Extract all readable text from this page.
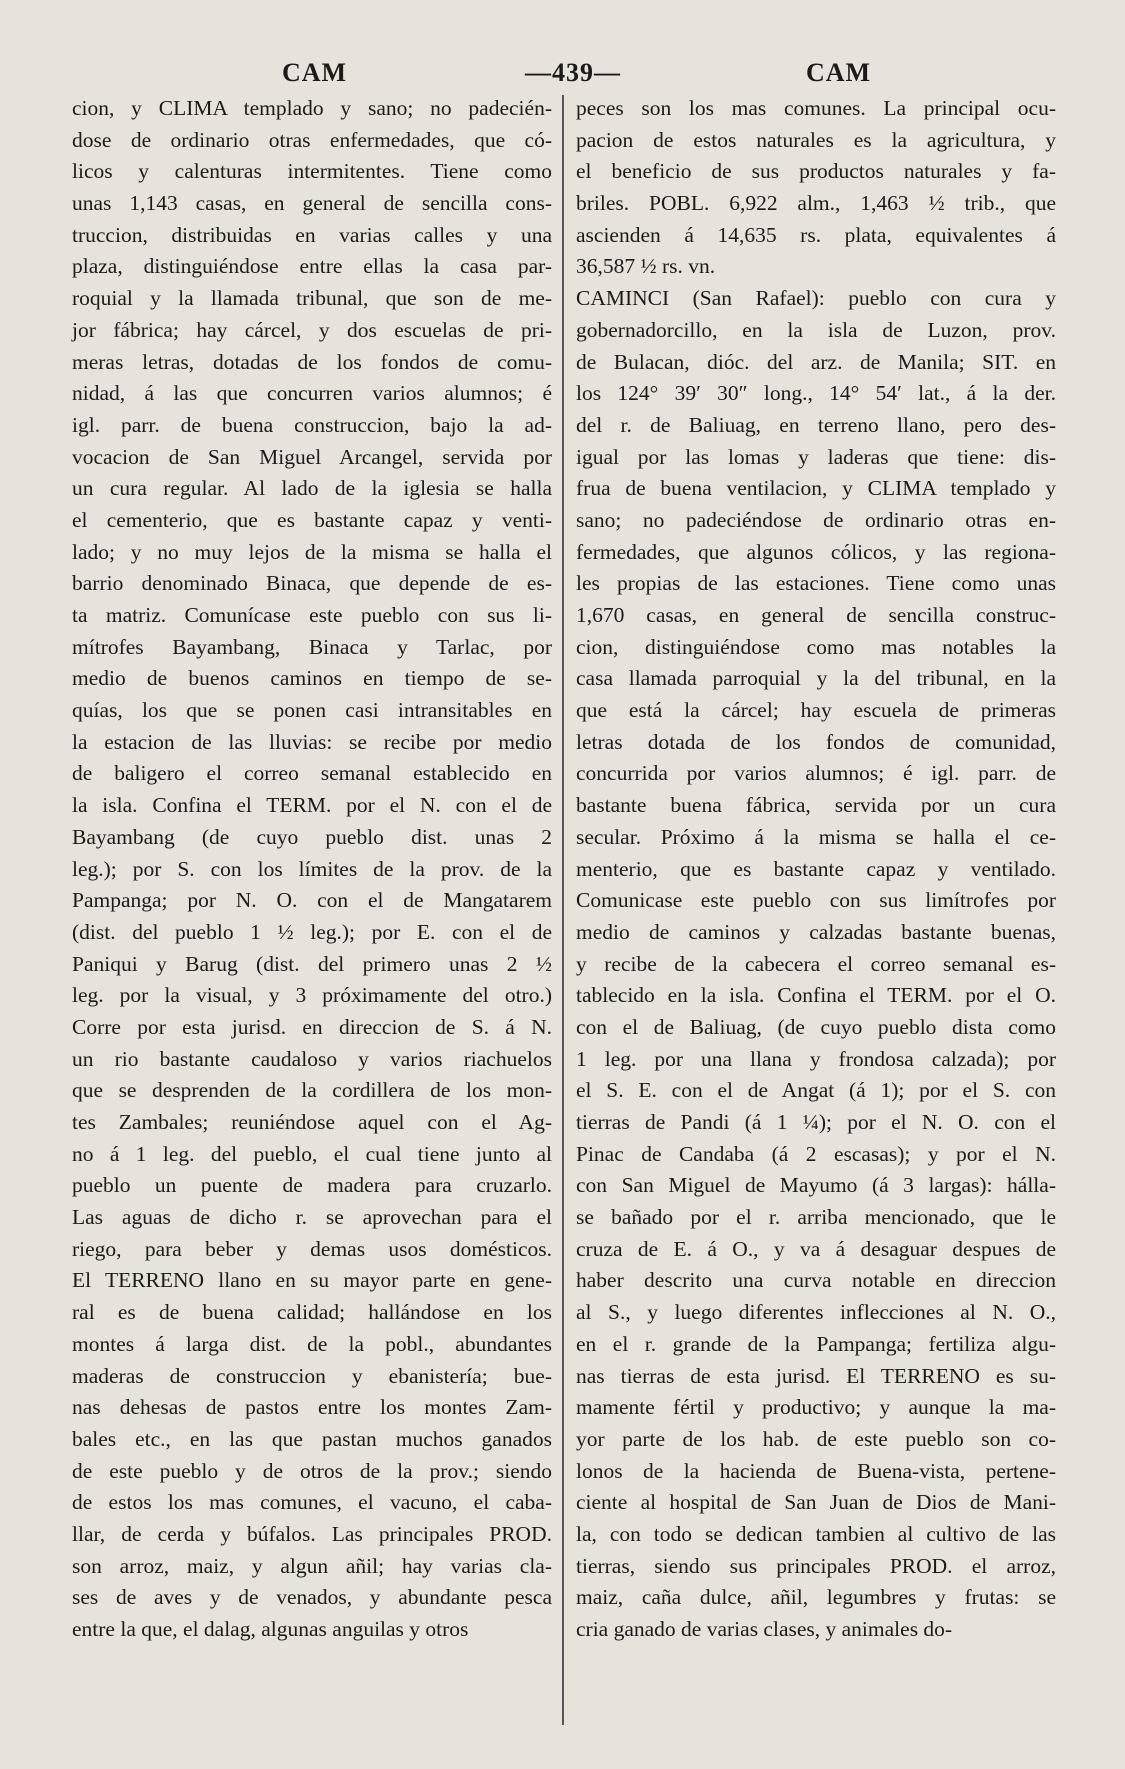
CAM	—439—	CAM
cion, y CLIMA templado y sano; no padecién-
dose de ordinario otras enfermedades, que có-
licos y calenturas intermitentes. Tiene como
unas 1,143 casas, en general de sencilla cons-
truccion, distribuidas en varias calles y una
plaza, distinguiéndose entre ellas la casa par-
roquial y la llamada tribunal, que son de me-
jor fábrica; hay cárcel, y dos escuelas de pri-
meras letras, dotadas de los fondos de comu-
nidad, á las que concurren varios alumnos; é
igl. parr. de buena construccion, bajo la ad-
vocacion de San Miguel Arcangel, servida por
un cura regular. Al lado de la iglesia se halla
el cementerio, que es bastante capaz y venti-
lado; y no muy lejos de la misma se halla el
barrio denominado Binaca, que depende de es-
ta matriz. Comunícase este pueblo con sus li-
mítrofes Bayambang, Binaca y Tarlac, por
medio de buenos caminos en tiempo de se-
quías, los que se ponen casi intransitables en
la estacion de las lluvias: se recibe por medio
de baligero el correo semanal establecido en
la isla. Confina el TERM. por el N. con el de
Bayambang (de cuyo pueblo dist. unas 2
leg.); por S. con los límites de la prov. de la
Pampanga; por N. O. con el de Mangatarem
(dist. del pueblo 1 ½ leg.); por E. con el de
Paniqui y Barug (dist. del primero unas 2 ½
leg. por la visual, y 3 próximamente del otro.)
Corre por esta jurisd. en direccion de S. á N.
un rio bastante caudaloso y varios riachuelos
que se desprenden de la cordillera de los mon-
tes Zambales; reuniéndose aquel con el Ag-
no á 1 leg. del pueblo, el cual tiene junto al
pueblo un puente de madera para cruzarlo.
Las aguas de dicho r. se aprovechan para el
riego, para beber y demas usos domésticos.
El TERRENO llano en su mayor parte en gene-
ral es de buena calidad; hallándose en los
montes á larga dist. de la pobl., abundantes
maderas de construccion y ebanistería; bue-
nas dehesas de pastos entre los montes Zam-
bales etc., en las que pastan muchos ganados
de este pueblo y de otros de la prov.; siendo
de estos los mas comunes, el vacuno, el caba-
llar, de cerda y búfalos. Las principales PROD.
son arroz, maiz, y algun añil; hay varias cla-
ses de aves y de venados, y abundante pesca
entre la que, el dalag, algunas anguilas y otros
peces son los mas comunes. La principal ocu-
pacion de estos naturales es la agricultura, y
el beneficio de sus productos naturales y fa-
briles. POBL. 6,922 alm., 1,463 ½ trib., que
ascienden á 14,635 rs. plata, equivalentes á
36,587 ½ rs. vn.
CAMINCI (San Rafael): pueblo con cura y
gobernadorcillo, en la isla de Luzon, prov.
de Bulacan, dióc. del arz. de Manila; SIT. en
los 124° 39′ 30″ long., 14° 54′ lat., á la der.
del r. de Baliuag, en terreno llano, pero des-
igual por las lomas y laderas que tiene: dis-
frua de buena ventilacion, y CLIMA templado y
sano; no padeciéndose de ordinario otras en-
fermedades, que algunos cólicos, y las regiona-
les propias de las estaciones. Tiene como unas
1,670 casas, en general de sencilla construc-
cion, distinguiéndose como mas notables la
casa llamada parroquial y la del tribunal, en la
que está la cárcel; hay escuela de primeras
letras dotada de los fondos de comunidad,
concurrida por varios alumnos; é igl. parr. de
bastante buena fábrica, servida por un cura
secular. Próximo á la misma se halla el ce-
menterio, que es bastante capaz y ventilado.
Comunicase este pueblo con sus limítrofes por
medio de caminos y calzadas bastante buenas,
y recibe de la cabecera el correo semanal es-
tablecido en la isla. Confina el TERM. por el O.
con el de Baliuag, (de cuyo pueblo dista como
1 leg. por una llana y frondosa calzada); por
el S. E. con el de Angat (á 1); por el S. con
tierras de Pandi (á 1 ¼); por el N. O. con el
Pinac de Candaba (á 2 escasas); y por el N.
con San Miguel de Mayumo (á 3 largas): hálla-
se bañado por el r. arriba mencionado, que le
cruza de E. á O., y va á desaguar despues de
haber descrito una curva notable en direccion
al S., y luego diferentes inflecciones al N. O.,
en el r. grande de la Pampanga; fertiliza algu-
nas tierras de esta jurisd. El TERRENO es su-
mamente fértil y productivo; y aunque la ma-
yor parte de los hab. de este pueblo son co-
lonos de la hacienda de Buena-vista, pertene-
ciente al hospital de San Juan de Dios de Mani-
la, con todo se dedican tambien al cultivo de las
tierras, siendo sus principales PROD. el arroz,
maiz, caña dulce, añil, legumbres y frutas: se
cria ganado de varias clases, y animales do-
